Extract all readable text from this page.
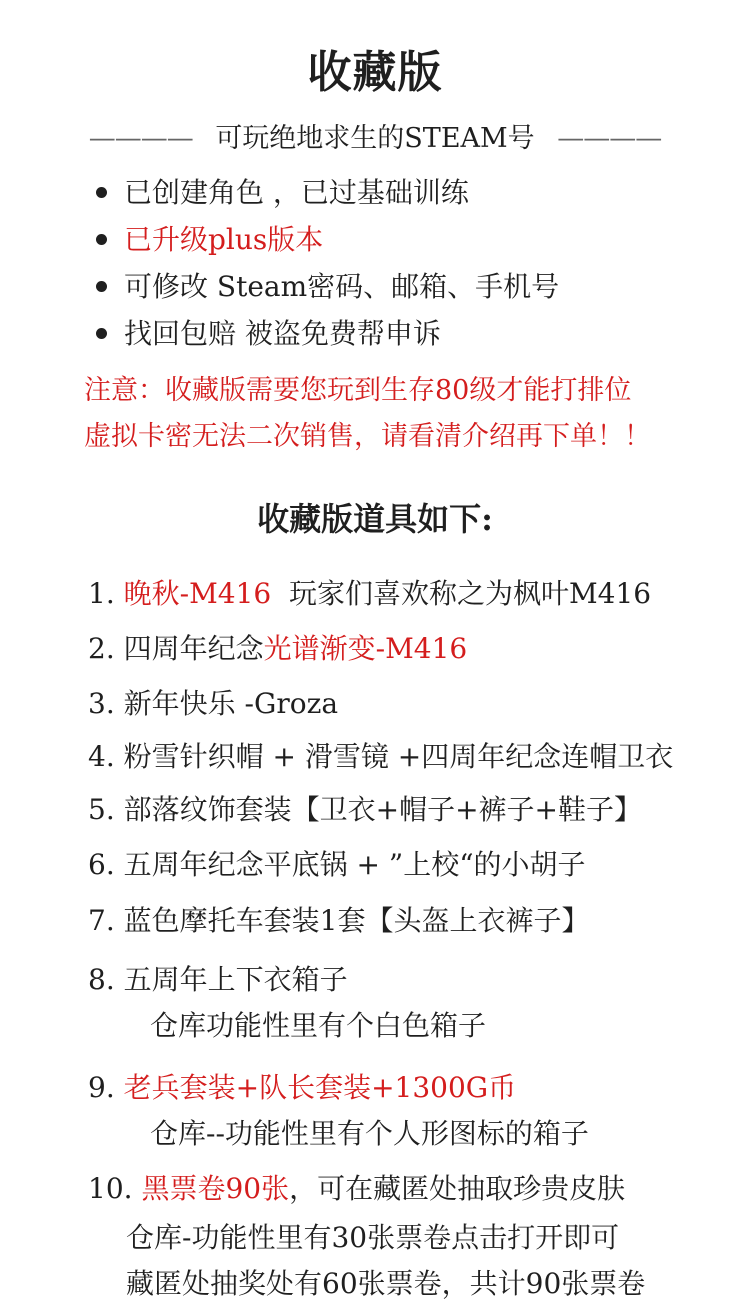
收藏版
———— 可玩绝地求生的STEAM号 ————
已创建角色 ，已过基础训练
已升级plus版本
可修改 Steam密码、邮箱、手机号
找回包赔 被盗免费帮申诉
注意：收藏版需要您玩到生存80级才能打排位
虚拟卡密无法二次销售，请看清介绍再下单！！
收藏版道具如下:
1. 晚秋-M416  玩家们喜欢称之为枫叶M416
2. 四周年纪念光谱渐变-M416
3. 新年快乐 -Groza
4. 粉雪针织帽 + 滑雪镜 +四周年纪念连帽卫衣
5. 部落纹饰套装【卫衣+帽子+裤子+鞋子】
6. 五周年纪念平底锅 + ”上校“的小胡子
7. 蓝色摩托车套装1套【头盔上衣裤子】
8. 五周年上下衣箱子
仓库功能性里有个白色箱子
9. 老兵套装+队长套装+1300G币
仓库--功能性里有个人形图标的箱子
10. 黑票卷90张，可在藏匿处抽取珍贵皮肤
仓库-功能性里有30张票卷点击打开即可
藏匿处抽奖处有60张票卷，共计90张票卷
